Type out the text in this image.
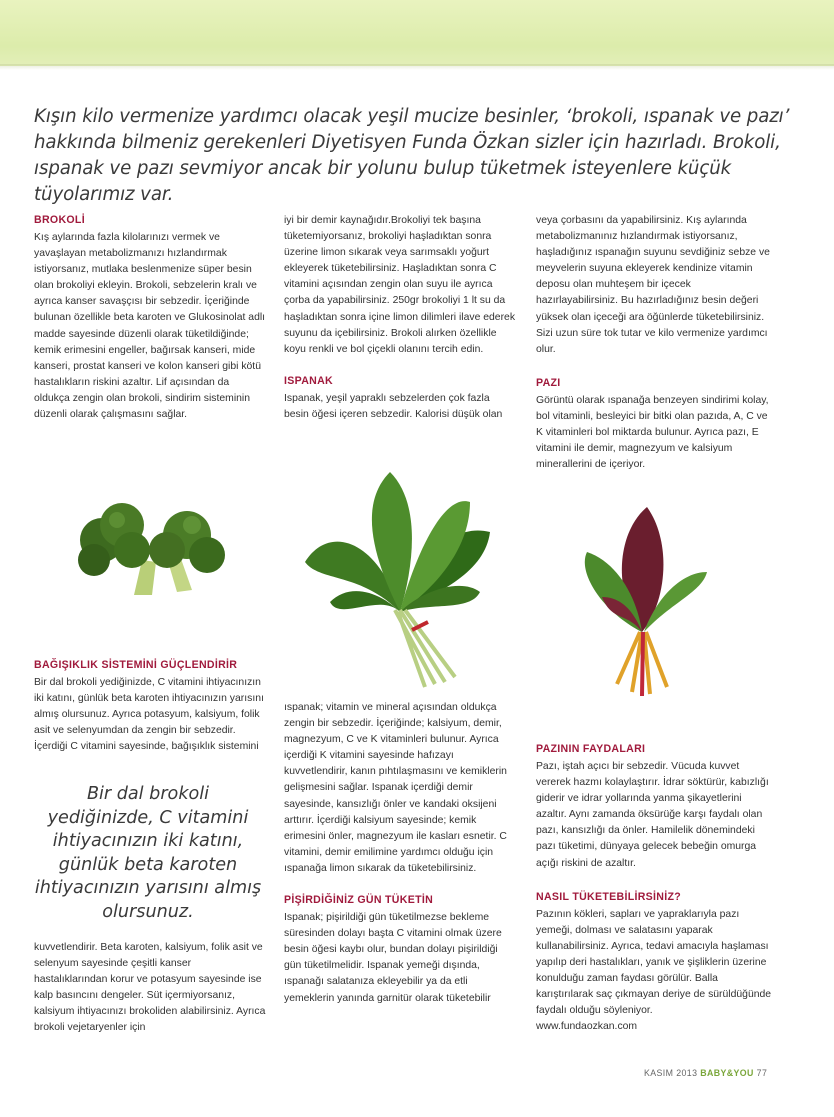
Kışın kilo vermenize yardımcı olacak yeşil mucize besinler, ‘brokoli, ıspanak ve pazı’ hakkında bilmeniz gerekenleri Diyetisyen Funda Özkan sizler için hazırladı. Brokoli, ıspanak ve pazı sevmiyor ancak bir yolunu bulup tüketmek isteyenlere küçük tüyolarımız var.

BROKOLİ

Kış aylarında fazla kilolarınızı vermek ve yavaşlayan metabolizmanızı hızlandırmak istiyorsanız, mutlaka beslenmenize süper besin olan brokoliyi ekleyin. Brokoli, sebzelerin kralı ve ayrıca kanser savaşçısı bir sebzedir. İçeriğinde bulunan özellikle beta karoten ve Glukosinolat adlı madde sayesinde düzenli olarak tüketildiğinde; kemik erimesini engeller, bağırsak kanseri, mide kanseri, prostat kanseri ve kolon kanseri gibi kötü hastalıkların riskini azaltır. Lif açısından da oldukça zengin olan brokoli, sindirim sisteminin düzenli olarak çalışmasını sağlar.

BAĞIŞIKLIK SİSTEMİNİ GÜÇLENDİRİR

Bir dal brokoli yediğinizde, C vitamini ihtiyacınızın iki katını, günlük beta karoten ihtiyacınızın yarısını almış olursunuz. Ayrıca potasyum, kalsiyum, folik asit ve selenyumdan da zengin bir sebzedir. İçerdiği C vitamini sayesinde, bağışıklık sistemini

Bir dal brokoli yediğinizde, C vitamini ihtiyacınızın iki katını, günlük beta karoten ihtiyacınızın yarısını almış olursunuz.

kuvvetlendirir. Beta karoten, kalsiyum, folik asit ve selenyum sayesinde çeşitli kanser hastalıklarından korur ve potasyum sayesinde ise kalp basıncını dengeler. Süt içermiyorsanız, kalsiyum ihtiyacınızı brokoliden alabilirsiniz. Ayrıca brokoli vejetaryenler için

iyi bir demir kaynağıdır.Brokoliyi tek başına tüketemiyorsanız, brokoliyi haşladıktan sonra üzerine limon sıkarak veya sarımsaklı yoğurt ekleyerek tüketebilirsiniz. Haşladıktan sonra C vitamini açısından zengin olan suyu ile ayrıca çorba da yapabilirsiniz. 250gr brokoliyi 1 lt su da haşladıktan sonra içine limon dilimleri ilave ederek suyunu da içebilirsiniz. Brokoli alırken özellikle koyu renkli ve bol çiçekli olanını tercih edin.

ISPANAK

Ispanak, yeşil yapraklı sebzelerden çok fazla besin öğesi içeren sebzedir. Kalorisi düşük olan

ıspanak; vitamin ve mineral açısından oldukça zengin bir sebzedir. İçeriğinde; kalsiyum, demir, magnezyum, C ve K vitaminleri bulunur. Ayrıca içerdiği K vitamini sayesinde hafızayı kuvvetlendirir, kanın pıhtılaşmasını ve kemiklerin gelişmesini sağlar. Ispanak içerdiği demir sayesinde, kansızlığı önler ve kandaki oksijeni arttırır. İçerdiği kalsiyum sayesinde; kemik erimesini önler, magnezyum ile kasları esnetir. C vitamini, demir emilimine yardımcı olduğu için ıspanağa limon sıkarak da tüketebilirsiniz.

PİŞİRDİĞİNİZ GÜN TÜKETİN

Ispanak; pişirildiği gün tüketilmezse bekleme süresinden dolayı başta C vitamini olmak üzere besin öğesi kaybı olur, bundan dolayı pişirildiği gün tüketilmelidir. Ispanak yemeği dışında, ıspanağı salatanıza ekleyebilir ya da etli yemeklerin yanında garnitür olarak tüketebilir

veya çorbasını da yapabilirsiniz. Kış aylarında metabolizmanınız hızlandırmak istiyorsanız, haşladığınız ıspanağın suyunu sevdiğiniz sebze ve meyvelerin suyuna ekleyerek kendinize vitamin deposu olan muhteşem bir içecek hazırlayabilirsiniz. Bu hazırladığınız besin değeri yüksek olan içeceği ara öğünlerde tüketebilirsiniz. Sizi uzun süre tok tutar ve kilo vermenize yardımcı olur.

PAZI

Görüntü olarak ıspanağa benzeyen sindirimi kolay, bol vitaminli, besleyici bir bitki olan pazıda, A, C ve K vitaminleri bol miktarda bulunur. Ayrıca pazı, E vitamini ile demir, magnezyum ve kalsiyum minerallerini de içeriyor.

PAZININ FAYDALARI

Pazı, iştah açıcı bir sebzedir. Vücuda kuvvet vererek hazmı kolaylaştırır. İdrar söktürür, kabızlığı giderir ve idrar yollarında yanma şikayetlerini azaltır. Aynı zamanda öksürüğe karşı faydalı olan pazı, kansızlığı da önler. Hamilelik dönemindeki pazı tüketimi, dünyaya gelecek bebeğin omurga açığı riskini de azaltır.

NASIL TÜKETEBİLİRSİNİZ?

Pazının kökleri, sapları ve yapraklarıyla pazı yemeği, dolması ve salatasını yaparak kullanabilirsiniz. Ayrıca, tedavi amacıyla haşlaması yapılıp deri hastalıkları, yanık ve şişliklerin üzerine konulduğu zaman faydası görülür. Balla karıştırılarak saç çıkmayan deriye de sürüldüğünde faydalı olduğu söyleniyor.

www.fundaozkan.com

KASIM 2013 BABY&YOU 77
